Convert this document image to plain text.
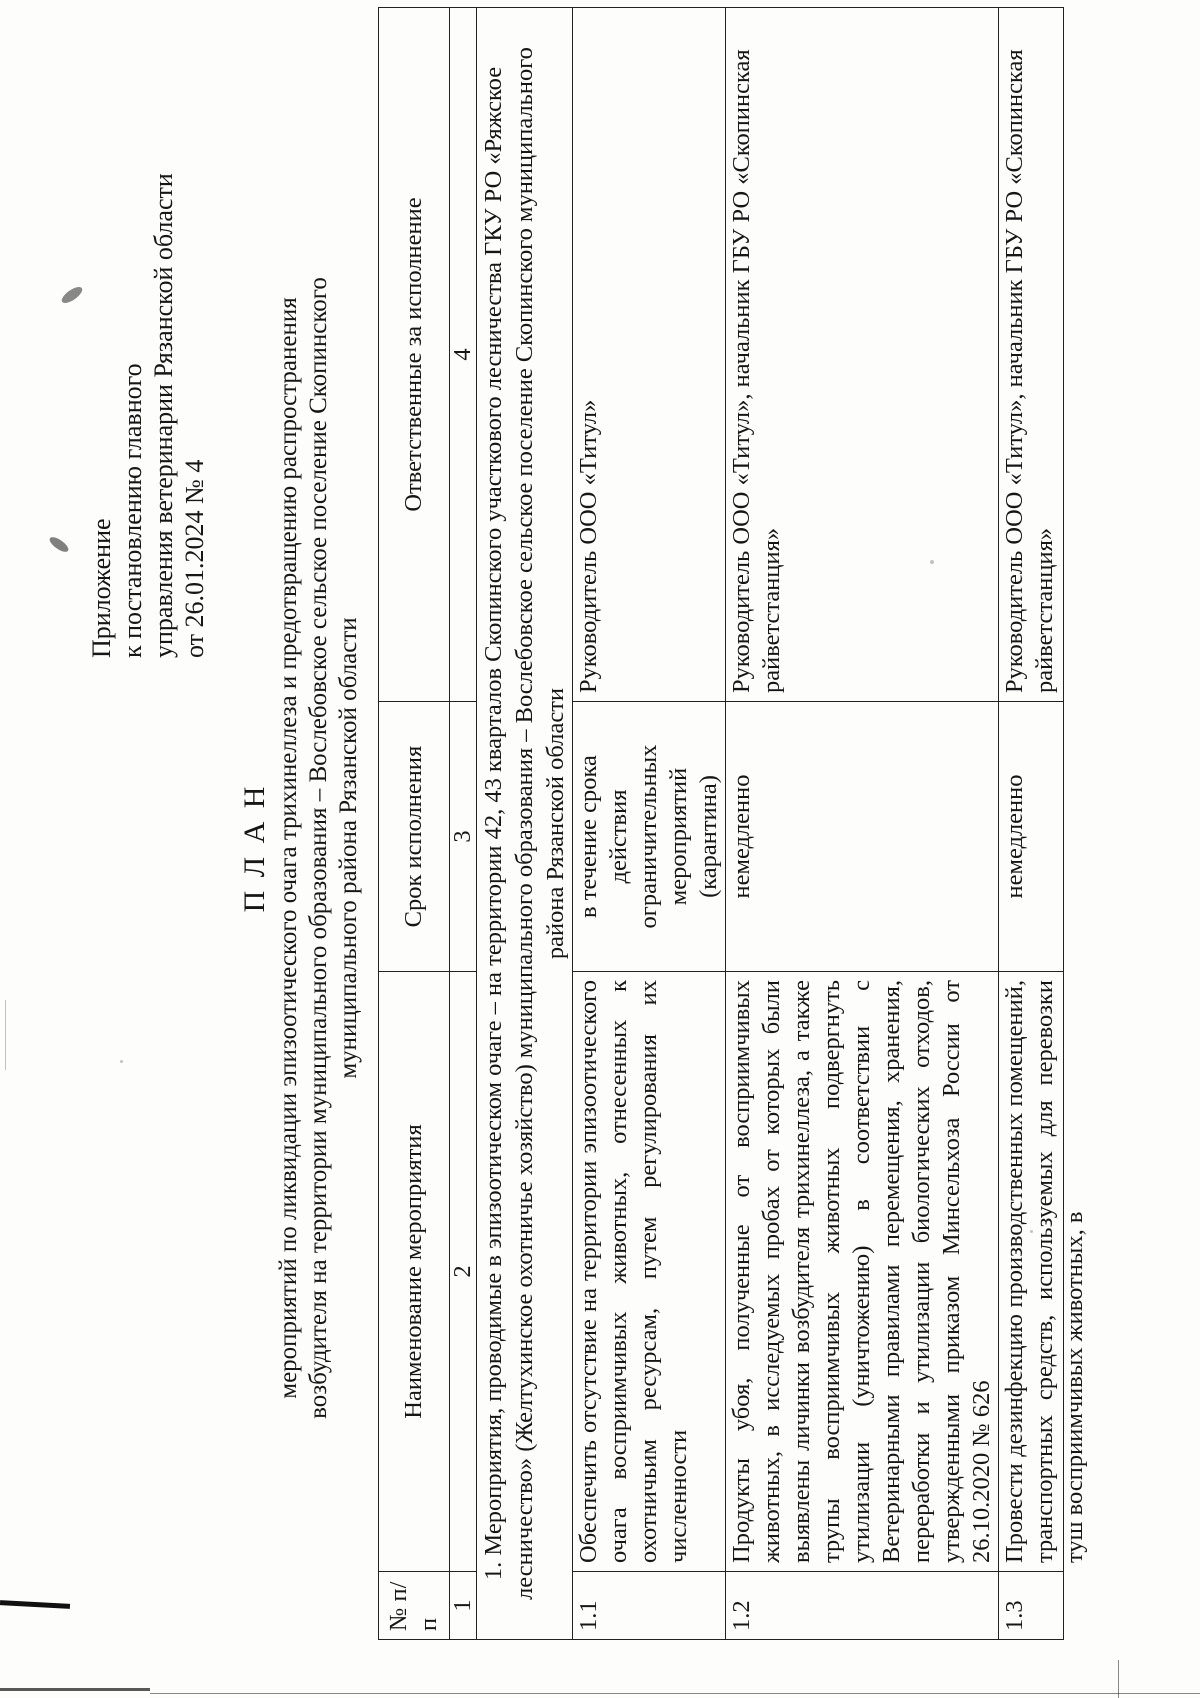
Приложение к постановлению главного управления ветеринарии Рязанской области от 26.01.2024 № 4
П Л А Н мероприятий по ликвидации эпизоотического очага трихинеллеза и предотвращению распространения возбудителя на территории муниципального образования – Вослебовское сельское поселение Скопинского муниципального района Рязанской области
№ п/п	Наименование мероприятия	Срок исполнения	Ответственные за исполнение
1	2	3	4
1. Мероприятия, проводимые в эпизоотическом очаге – на территории 42, 43 кварталов Скопинского участкового лесничества ГКУ РО «Ряжское лесничество» (Желтухинское охотничье хозяйство) муниципального образования – Вослебовское сельское поселение Скопинского муниципального района Рязанской области			
1.1	Обеспечить отсутствие на территории эпизоотического очага восприимчивых животных, отнесенных к охотничьим ресурсам, путем регулирования их численности	в течение срока действия ограничительных мероприятий (карантина)	Руководитель ООО «Титул»
1.2	Продукты убоя, полученные от восприимчивых животных, в исследуемых пробах от которых были выявлены личинки возбудителя трихинеллеза, а также трупы восприимчивых животных подвергнуть утилизации (уничтожению) в соответствии с Ветеринарными правилами перемещения, хранения, переработки и утилизации биологических отходов, утвержденными приказом Минсельхоза России от 26.10.2020 № 626	немедленно	Руководитель ООО «Титул», начальник ГБУ РО «Скопинская райветстанция»
1.3	Провести дезинфекцию производственных помещений, транспортных средств, используемых для перевозки туш восприимчивых животных, в	немедленно	Руководитель ООО «Титул», начальник ГБУ РО «Скопинская райветстанция»
